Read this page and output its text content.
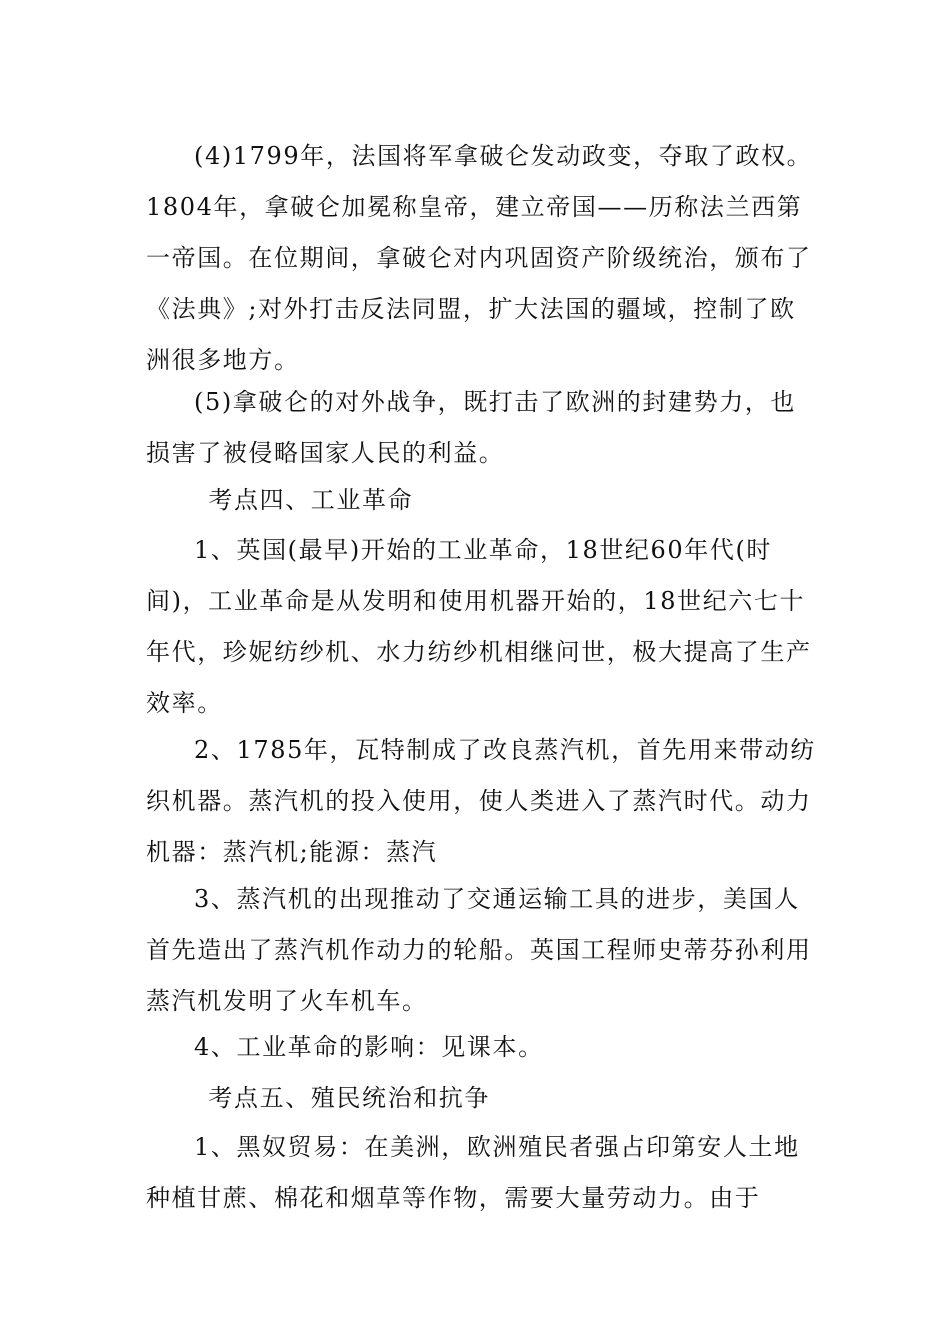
(4)1799年，法国将军拿破仑发动政变，夺取了政权。1804年，拿破仑加冕称皇帝，建立帝国——历称法兰西第一帝国。在位期间，拿破仑对内巩固资产阶级统治，颁布了《法典》;对外打击反法同盟，扩大法国的疆域，控制了欧洲很多地方。

(5)拿破仑的对外战争，既打击了欧洲的封建势力，也损害了被侵略国家人民的利益。

考点四、工业革命

1、英国(最早)开始的工业革命，18世纪60年代(时间)，工业革命是从发明和使用机器开始的，18世纪六七十年代，珍妮纺纱机、水力纺纱机相继问世，极大提高了生产效率。

2、1785年，瓦特制成了改良蒸汽机，首先用来带动纺织机器。蒸汽机的投入使用，使人类进入了蒸汽时代。动力机器：蒸汽机;能源：蒸汽

3、蒸汽机的出现推动了交通运输工具的进步，美国人首先造出了蒸汽机作动力的轮船。英国工程师史蒂芬孙利用蒸汽机发明了火车机车。

4、工业革命的影响：见课本。

考点五、殖民统治和抗争

1、黑奴贸易：在美洲，欧洲殖民者强占印第安人土地种植甘蔗、棉花和烟草等作物，需要大量劳动力。由于
